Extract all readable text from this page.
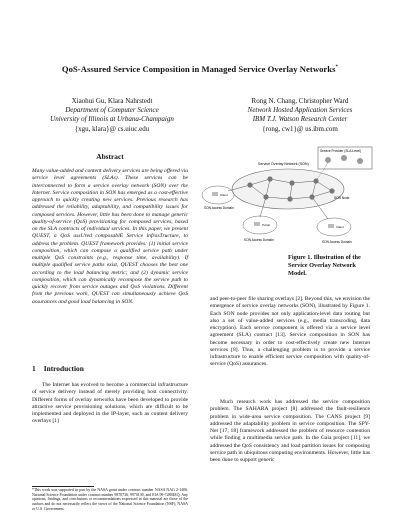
QoS-Assured Service Composition in Managed Service Overlay Networks*
Xiaohui Gu, Klara Nahrstedt
Department of Computer Science
University of Illinois at Urbana-Champaign
{xgu, klara}@ cs.uiuc.edu
Rong N. Chang, Christopher Ward
Network Hosted Application Services
IBM T.J. Watson Research Center
{rong, cw1}@ us.ibm.com
Abstract

Many value-added and content delivery services are being offered via service level agreements (SLAs). These services can be interconnected to form a service overlay network (SON) over the Internet. Service composition in SON has emerged as a cost-effective approach to quickly creating new services. Previous research has addressed the reliability, adaptability, and compatibility issues for composed services. However, little has been done to manage generic quality-of-service (QoS) provisioning for composed services, based on the SLA contracts of individual services. In this paper, we present QUEST, a QoS assUred composablE Service infrasTructure, to address the problem. QUEST framework provides: (1) initial service composition, which can compose a qualified service path under multiple QoS constraints (e.g., response time, availability). If multiple qualified service paths exist, QUEST chooses the best one according to the load balancing metric; and (2) dynamic service composition, which can dynamically recompose the service path to quickly recover from service outages and QoS violations. Different from the previous work, QUEST can simultaneously achieve QoS assurances and good load balancing in SON.

1 Introduction

The Internet has evolved to become a commercial infrastructure of service delivery instead of merely providing host connectivity. Different forms of overlay networks have been developed to provide attractive service provisioning solutions, which are difficult to be implemented and deployed in the IP-layer, such as content delivery overlays [1]

*This work was supported in part by the NASA grant under contract number NASA NAG 2-1406, National Science Foundation under contract number 9870736, 9970139, and EIA 99-72884EQ. Any opinions, findings, and conclusions or recommendations expressed in this material are those of the authors and do not necessarily reflect the views of the National Science Foundation (NSF), NASA or U.S. Government.
Service Provider (SLA-Level)
Service Overlay Network (SON)
SON Node
SON Access Domain
Client
SON Access Domain
Portal
SON Access Domain
Client
Figure 1. Illustration of the Service Overlay Network Model.

and peer-to-peer file sharing overlays [2]. Beyond this, we envision the emergence of service overlay networks (SON), illustrated by Figure 1. Each SON node provides not only application-level data routing but also a set of value-added services (e.g., media transcoding, data encryption). Each service component is offered via a service level agreement (SLA) contract [13]. Service composition in SON has become necessary in order to cost-effectively create new Internet services [8]. Thus, a challenging problem is to provide a service infrastructure to enable efficient service composition with quality-of-service (QoS) assurances.

Much research work has addressed the service composition problem. The SAHARA project [8] addressed the fault-resilience problem in wide-area service composition. The CANS project [9] addressed the adaptability problem in service composition. The SPY-Net [17, 18] framework addressed the problem of resource contention while finding a multimedia service path. In the Gaia project [11], we addressed the QoS consistency and load partition issues for composing service path in ubiquitous computing environments. However, little has been done to support generic
